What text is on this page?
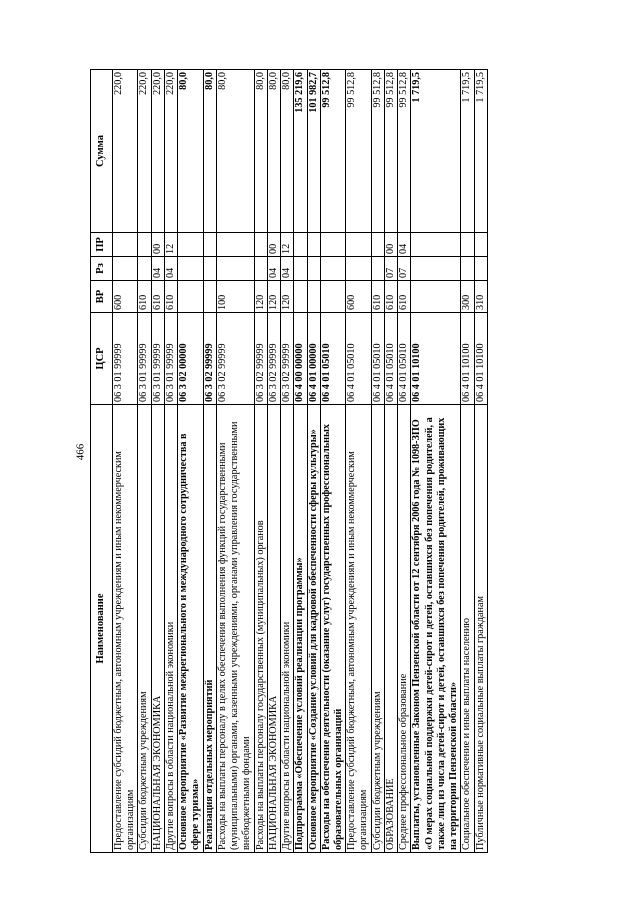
466
Наименование	ЦСР	ВР	Рз	ПР	Сумма
Предоставление субсидий бюджетным, автономным учреждениям и иным некоммерческим организациям	06 3 01 99999	600			220,0
Субсидии бюджетным учреждениям	06 3 01 99999	610			220,0
НАЦИОНАЛЬНАЯ ЭКОНОМИКА	06 3 01 99999	610	04	00	220,0
Другие вопросы в области национальной экономики	06 3 01 99999	610	04	12	220,0
Основное мероприятие «Развитие межрегионального и международного сотрудничества в сфере туризма»	06 3 02 00000				80,0
Реализация отдельных мероприятий	06 3 02 99999				80,0
Расходы на выплаты персоналу в целях обеспечения выполнения функций государственными (муниципальными) органами, казенными учреждениями, органами управления государственными внебюджетными фондами	06 3 02 99999	100			80,0
Расходы на выплаты персоналу государственных (муниципальных) органов	06 3 02 99999	120			80,0
НАЦИОНАЛЬНАЯ ЭКОНОМИКА	06 3 02 99999	120	04	00	80,0
Другие вопросы в области национальной экономики	06 3 02 99999	120	04	12	80,0
Подпрограмма «Обеспечение условий реализации программы»	06 4 00 00000				135 219,6
Основное мероприятие «Создание условий для кадровой обеспеченности сферы культуры»	06 4 01 00000				101 982,7
Расходы на обеспечение деятельности (оказание услуг) государственных профессиональных образовательных организаций	06 4 01 05010				99 512,8
Предоставление субсидий бюджетным, автономным учреждениям и иным некоммерческим организациям	06 4 01 05010	600			99 512,8
Субсидии бюджетным учреждениям	06 4 01 05010	610			99 512,8
ОБРАЗОВАНИЕ	06 4 01 05010	610	07	00	99 512,8
Среднее профессиональное образование	06 4 01 05010	610	07	04	99 512,8
Выплаты, установленные Законом Пензенской области от 12 сентября 2006 года № 1098-ЗПО «О мерах социальной поддержки детей-сирот и детей, оставшихся без попечения родителей, а также лиц из числа детей-сирот и детей, оставшихся без попечения родителей, проживающих на территории Пензенской области»	06 4 01 10100				1 719,5
Социальное обеспечение и иные выплаты населению	06 4 01 10100	300			1 719,5
Публичные нормативные социальные выплаты гражданам	06 4 01 10100	310			1 719,5
